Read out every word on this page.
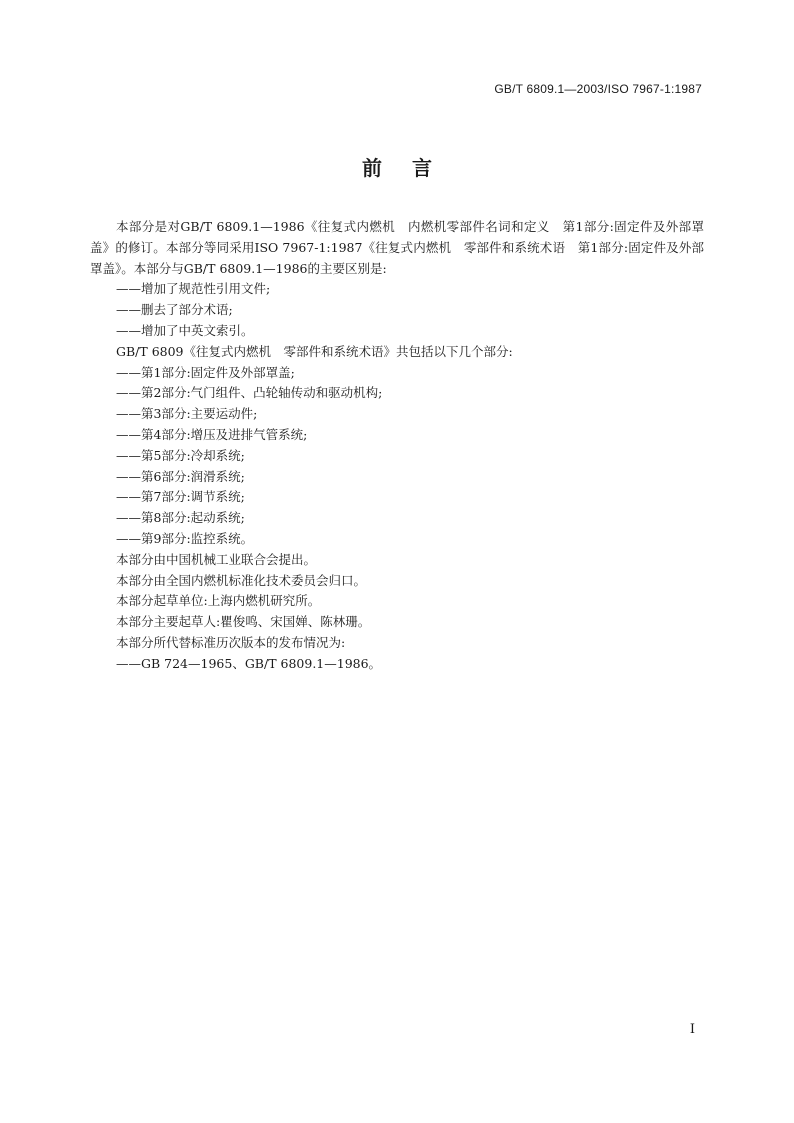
GB/T 6809.1—2003/ISO 7967-1:1987
前言

本部分是对GB/T 6809.1—1986《往复式内燃机　内燃机零部件名词和定义　第1部分:固定件及外部罩盖》的修订。本部分等同采用ISO 7967-1:1987《往复式内燃机　零部件和系统术语　第1部分:固定件及外部罩盖》。本部分与GB/T 6809.1—1986的主要区别是:

——增加了规范性引用文件;

——删去了部分术语;

——增加了中英文索引。

GB/T 6809《往复式内燃机　零部件和系统术语》共包括以下几个部分:

——第1部分:固定件及外部罩盖;

——第2部分:气门组件、凸轮轴传动和驱动机构;

——第3部分:主要运动件;

——第4部分:增压及进排气管系统;

——第5部分:冷却系统;

——第6部分:润滑系统;

——第7部分:调节系统;

——第8部分:起动系统;

——第9部分:监控系统。

本部分由中国机械工业联合会提出。

本部分由全国内燃机标准化技术委员会归口。

本部分起草单位:上海内燃机研究所。

本部分主要起草人:瞿俊鸣、宋国婵、陈林珊。

本部分所代替标准历次版本的发布情况为:

——GB 724—1965、GB/T 6809.1—1986。

I
